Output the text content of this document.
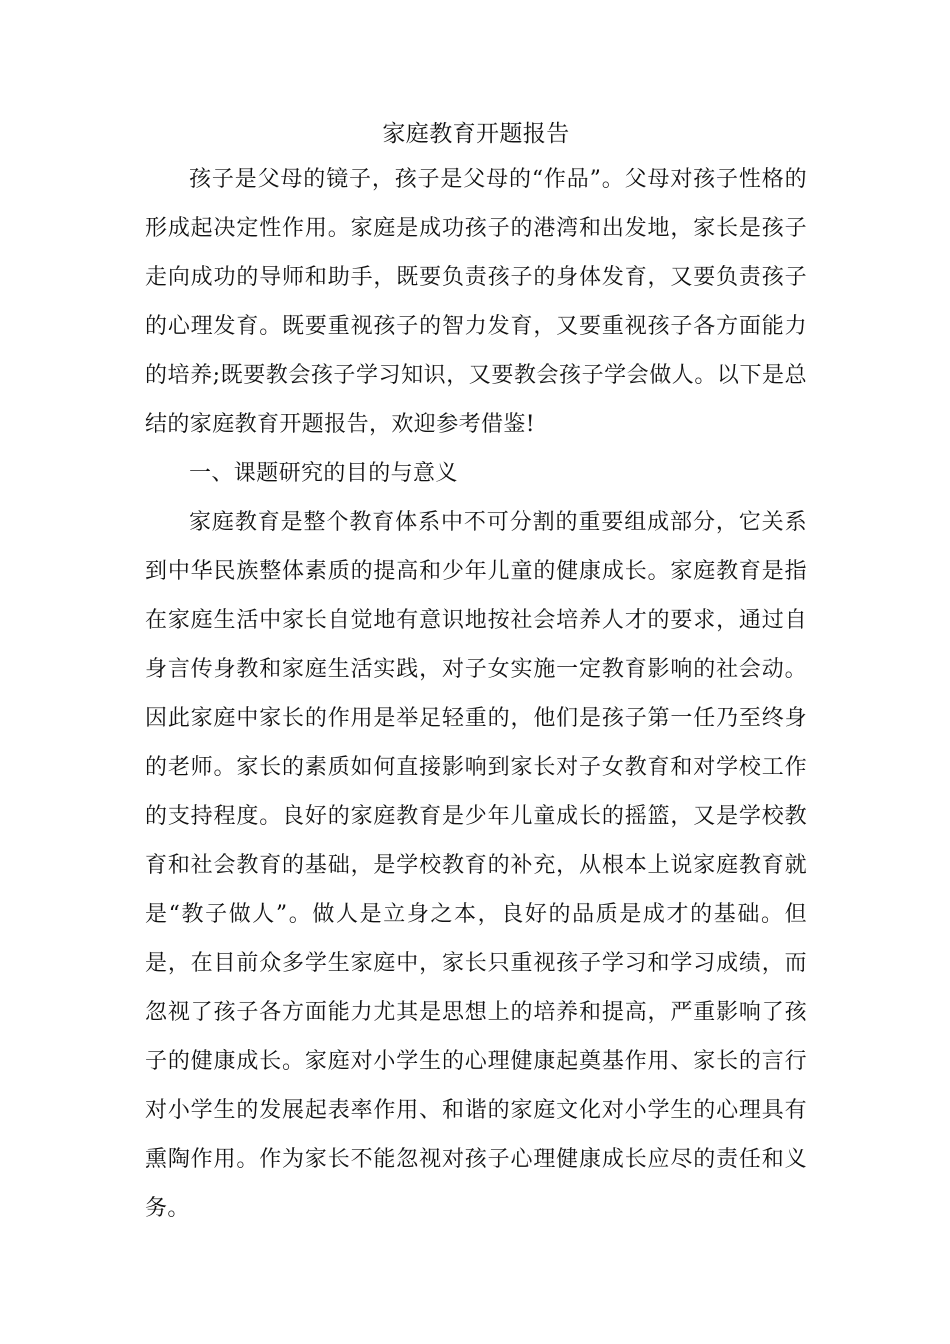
家庭教育开题报告

孩子是父母的镜子，孩子是父母的“作品”。父母对孩子性格的形成起决定性作用。家庭是成功孩子的港湾和出发地，家长是孩子走向成功的导师和助手，既要负责孩子的身体发育，又要负责孩子的心理发育。既要重视孩子的智力发育，又要重视孩子各方面能力的培养;既要教会孩子学习知识，又要教会孩子学会做人。以下是总结的家庭教育开题报告，欢迎参考借鉴!

一、课题研究的目的与意义

家庭教育是整个教育体系中不可分割的重要组成部分，它关系到中华民族整体素质的提高和少年儿童的健康成长。家庭教育是指在家庭生活中家长自觉地有意识地按社会培养人才的要求，通过自身言传身教和家庭生活实践，对子女实施一定教育影响的社会动。因此家庭中家长的作用是举足轻重的，他们是孩子第一任乃至终身的老师。家长的素质如何直接影响到家长对子女教育和对学校工作的支持程度。良好的家庭教育是少年儿童成长的摇篮，又是学校教育和社会教育的基础，是学校教育的补充，从根本上说家庭教育就是“教子做人”。做人是立身之本，良好的品质是成才的基础。但是，在目前众多学生家庭中，家长只重视孩子学习和学习成绩，而忽视了孩子各方面能力尤其是思想上的培养和提高，严重影响了孩子的健康成长。家庭对小学生的心理健康起奠基作用、家长的言行对小学生的发展起表率作用、和谐的家庭文化对小学生的心理具有熏陶作用。作为家长不能忽视对孩子心理健康成长应尽的责任和义务。
